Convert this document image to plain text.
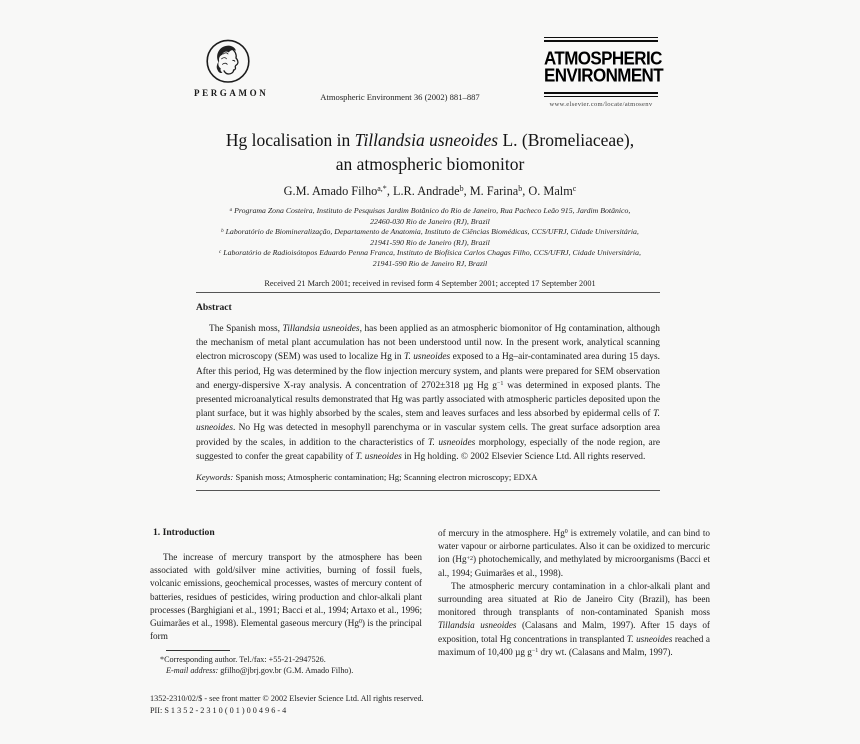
PERGAMON	Atmospheric Environment 36 (2002) 881–887
ATMOSPHERIC
ENVIRONMENT
www.elsevier.com/locate/atmosenv
Hg localisation in Tillandsia usneoides L. (Bromeliaceae),
an atmospheric biomonitor
G.M. Amado Filho$^{a,*}$, L.R. Andrade$^b$, M. Farina$^b$, O. Malm$^c$
$^a$ Programa Zona Costeira, Instituto de Pesquisas Jardim Botânico do Rio de Janeiro, Rua Pacheco Leão 915, Jardim Botânico,
22460-030 Rio de Janeiro (RJ), Brazil
$^b$ Laboratório de Biomineralização, Departamento de Anatomia, Instituto de Ciências Biomédicas, CCS/UFRJ, Cidade Universitária,
21941-590 Rio de Janeiro (RJ), Brazil
$^c$ Laboratório de Radioisótopos Eduardo Penna Franca, Instituto de Biofísica Carlos Chagas Filho, CCS/UFRJ, Cidade Universitária,
21941-590 Rio de Janeiro RJ, Brazil
Received 21 March 2001; received in revised form 4 September 2001; accepted 17 September 2001
Abstract
The Spanish moss, Tillandsia usneoides, has been applied as an atmospheric biomonitor of Hg contamination, although the mechanism of metal plant accumulation has not been understood until now. In the present work, analytical scanning electron microscopy (SEM) was used to localize Hg in T. usneoides exposed to a Hg–air-contaminated area during 15 days. After this period, Hg was determined by the flow injection mercury system, and plants were prepared for SEM observation and energy-dispersive X-ray analysis. A concentration of 2702±318 µg Hg $g^{-1}$ was determined in exposed plants. The presented microanalytical results demonstrated that Hg was partly associated with atmospheric particles deposited upon the plant surface, but it was highly absorbed by the scales, stem and leaves surfaces and less absorbed by epidermal cells of T. usneoides. No Hg was detected in mesophyll parenchyma or in vascular system cells. The great surface adsorption area provided by the scales, in addition to the characteristics of T. usneoides morphology, especially of the node region, are suggested to confer the great capability of T. usneoides in Hg holding. © 2002 Elsevier Science Ltd. All rights reserved.
Keywords: Spanish moss; Atmospheric contamination; Hg; Scanning electron microscopy; EDXA
1. Introduction
The increase of mercury transport by the atmosphere has been associated with gold/silver mine activities, burning of fossil fuels, volcanic emissions, geochemical processes, wastes of mercury content of batteries, residues of pesticides, wiring production and chlor-alkali plant processes (Barghigiani et al., 1991; Bacci et al., 1994; Artaxo et al., 1996; Guimarães et al., 1998). Elemental gaseous mercury (Hg$^0$) is the principal form
*Corresponding author. Tel./fax: +55-21-2947526.
E-mail address: gfilho@jbrj.gov.br (G.M. Amado Filho).
of mercury in the atmosphere. Hg$^0$ is extremely volatile, and can bind to water vapour or airborne particulates. Also it can be oxidized to mercuric ion $(Hg^{+2})$ photochemically, and methylated by microorganisms (Bacci et al., 1994; Guimarães et al., 1998).
The atmospheric mercury contamination in a chlor-alkali plant and surrounding area situated at Rio de Janeiro City (Brazil), has been monitored through transplants of non-contaminated Spanish moss Tillandsia usneoides (Calasans and Malm, 1997). After 15 days of exposition, total Hg concentrations in transplanted T. usneoides reached a maximum of 10,400 µg $g^{-1}$ dry wt. (Calasans and Malm, 1997).
1352-2310/02/$ - see front matter © 2002 Elsevier Science Ltd. All rights reserved.
PII: S 1 3 5 2 - 2 3 1 0 ( 0 1 ) 0 0 4 9 6 - 4
